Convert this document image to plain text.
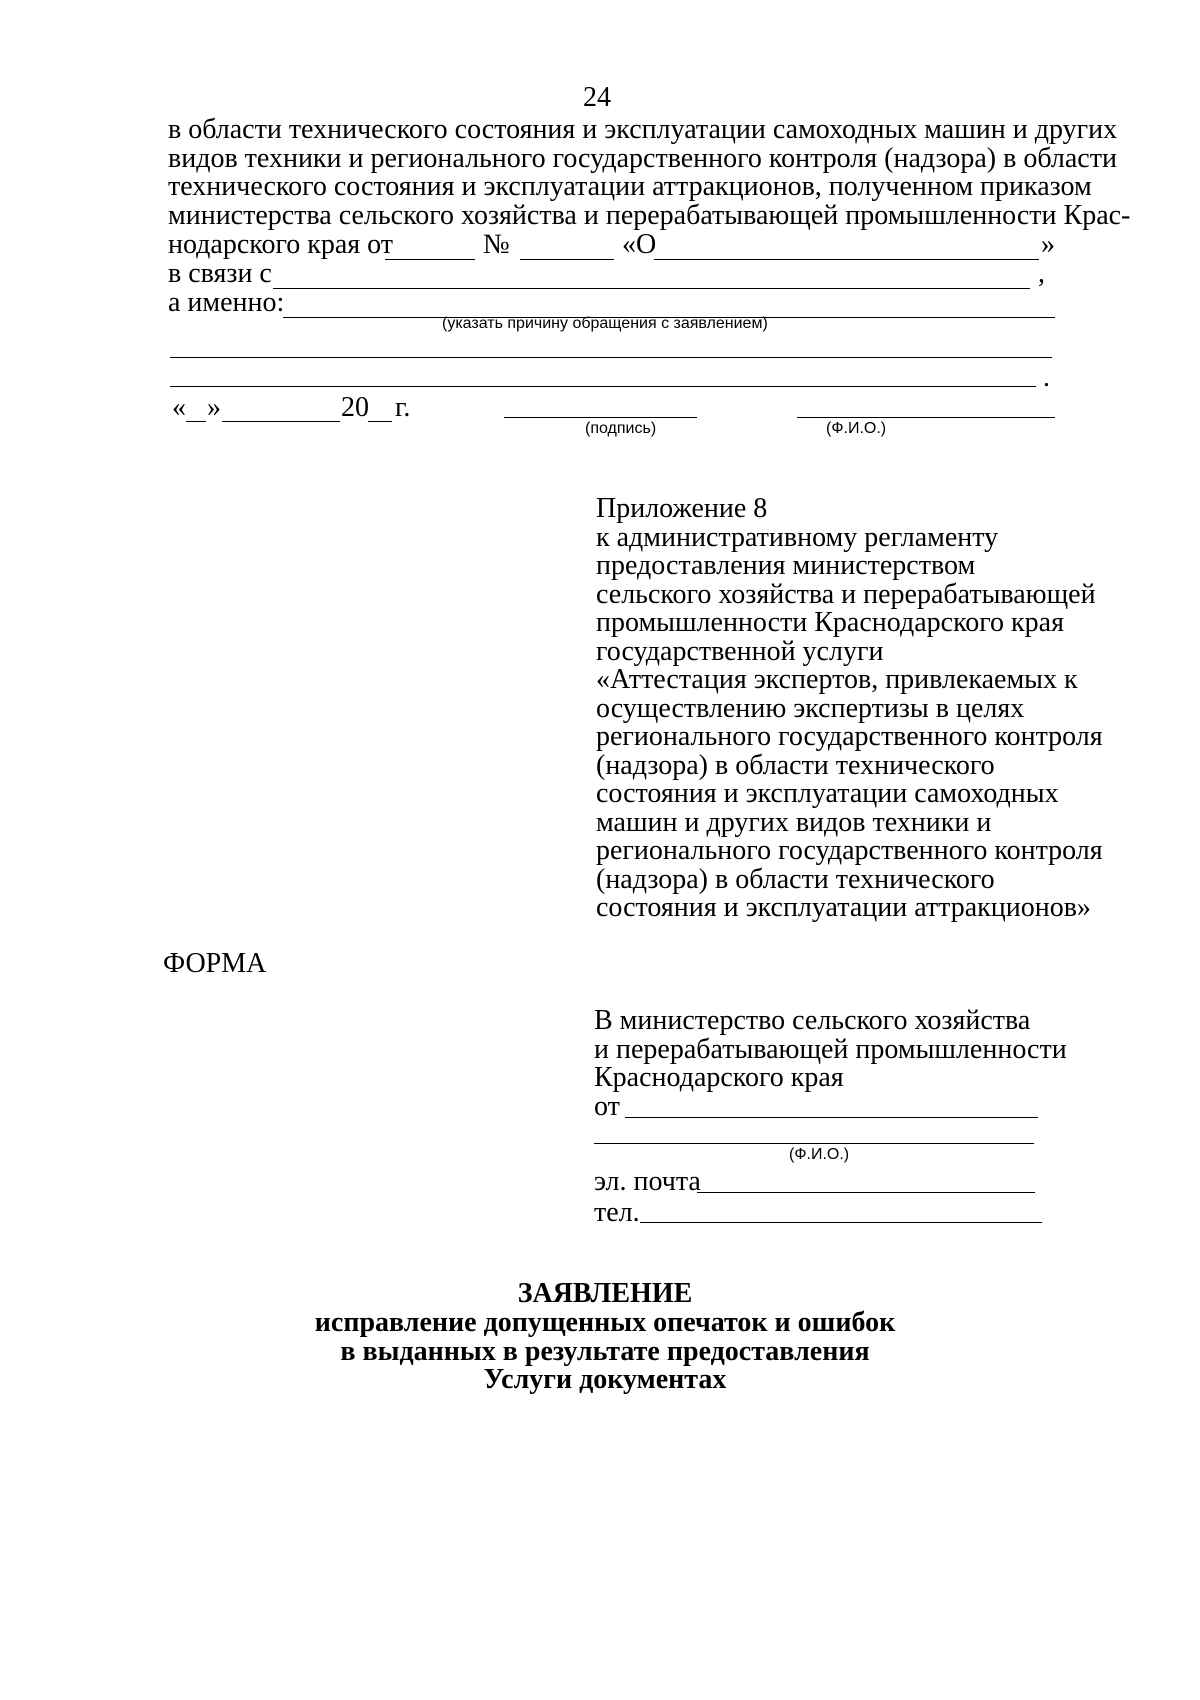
24
в области технического состояния и эксплуатации самоходных машин и других
видов техники и регионального государственного контроля (надзора) в области
технического состояния и эксплуатации аттракционов, полученном приказом
министерства сельского хозяйства и перерабатывающей промышленности Крас-
нодарского края от	№	«О	»
в связи с	,
а именно:
(указать причину обращения с заявлением)
.
« »	20 г.
(подпись)	(Ф.И.О.)
Приложение 8
к административному регламенту
предоставления министерством
сельского хозяйства и перерабатывающей
промышленности Краснодарского края
государственной услуги
«Аттестация экспертов, привлекаемых к
осуществлению экспертизы в целях
регионального государственного контроля
(надзора) в области технического
состояния и эксплуатации самоходных
машин и других видов техники и
регионального государственного контроля
(надзора) в области технического
состояния и эксплуатации аттракционов»
ФОРМА
В министерство сельского хозяйства
и перерабатывающей промышленности
Краснодарского края
от
(Ф.И.О.)
эл. почта
тел.
ЗАЯВЛЕНИЕ
исправление допущенных опечаток и ошибок
в выданных в результате предоставления
Услуги документах
